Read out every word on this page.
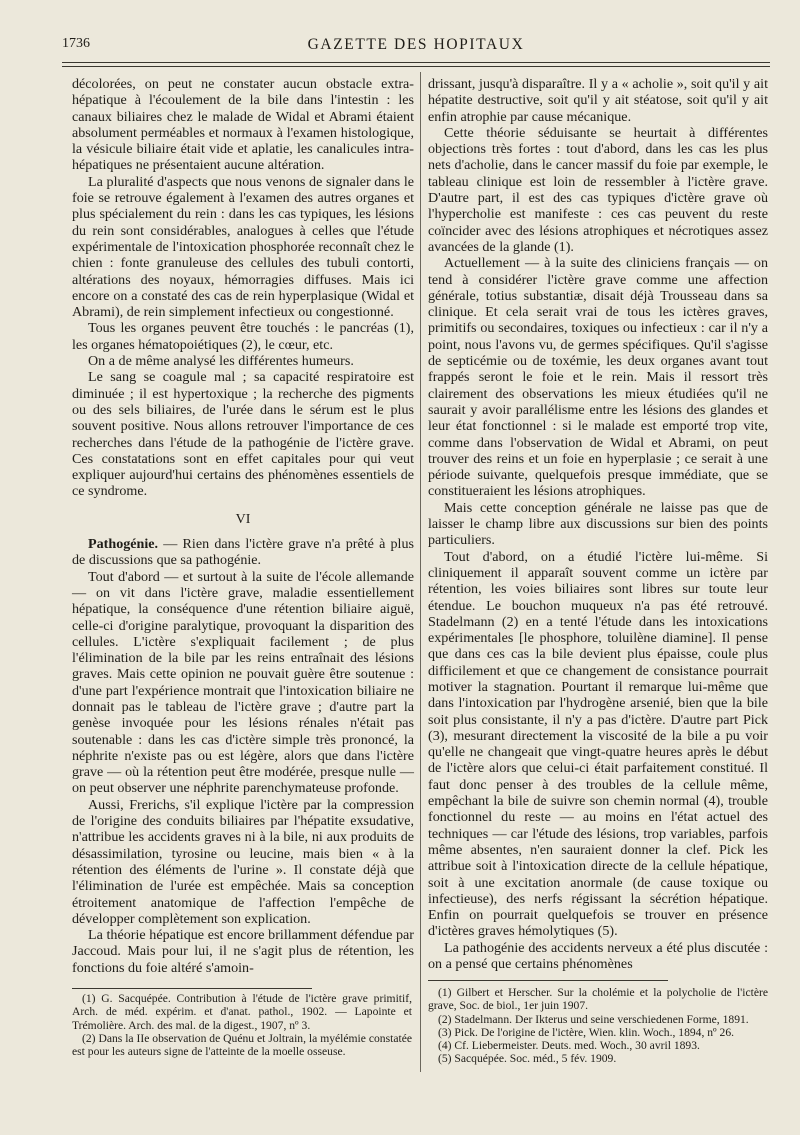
1736	GAZETTE DES HOPITAUX

décolorées, on peut ne constater aucun obstacle extra-hépatique à l'écoulement de la bile dans l'intestin : les canaux biliaires chez le malade de Widal et Abrami étaient absolument perméables et normaux à l'examen histologique, la vésicule biliaire était vide et aplatie, les canalicules intra-hépatiques ne présentaient aucune altération.

La pluralité d'aspects que nous venons de signaler dans le foie se retrouve également à l'examen des autres organes et plus spécialement du rein : dans les cas typiques, les lésions du rein sont considérables, analogues à celles que l'étude expérimentale de l'intoxication phosphorée reconnaît chez le chien : fonte granuleuse des cellules des tubuli contorti, altérations des noyaux, hémorragies diffuses. Mais ici encore on a constaté des cas de rein hyperplasique (Widal et Abrami), de rein simplement infectieux ou congestionné.

Tous les organes peuvent être touchés : le pancréas (1), les organes hématopoiétiques (2), le cœur, etc.

On a de même analysé les différentes humeurs.

Le sang se coagule mal ; sa capacité respiratoire est diminuée ; il est hypertoxique ; la recherche des pigments ou des sels biliaires, de l'urée dans le sérum est le plus souvent positive. Nous allons retrouver l'importance de ces recherches dans l'étude de la pathogénie de l'ictère grave. Ces constatations sont en effet capitales pour qui veut expliquer aujourd'hui certains des phénomènes essentiels de ce syndrome.

VI

Pathogénie. — Rien dans l'ictère grave n'a prêté à plus de discussions que sa pathogénie.

Tout d'abord — et surtout à la suite de l'école allemande — on vit dans l'ictère grave, maladie essentiellement hépatique, la conséquence d'une rétention biliaire aiguë, celle-ci d'origine paralytique, provoquant la disparition des cellules. L'ictère s'expliquait facilement ; de plus l'élimination de la bile par les reins entraînait des lésions graves. Mais cette opinion ne pouvait guère être soutenue : d'une part l'expérience montrait que l'intoxication biliaire ne donnait pas le tableau de l'ictère grave ; d'autre part la genèse invoquée pour les lésions rénales n'était pas soutenable : dans les cas d'ictère simple très prononcé, la néphrite n'existe pas ou est légère, alors que dans l'ictère grave — où la rétention peut être modérée, presque nulle — on peut observer une néphrite parenchymateuse profonde.

Aussi, Frerichs, s'il explique l'ictère par la compression de l'origine des conduits biliaires par l'hépatite exsudative, n'attribue les accidents graves ni à la bile, ni aux produits de désassimilation, tyrosine ou leucine, mais bien « à la rétention des éléments de l'urine ». Il constate déjà que l'élimination de l'urée est empêchée. Mais sa conception étroitement anatomique de l'affection l'empêche de développer complètement son explication.

La théorie hépatique est encore brillamment défendue par Jaccoud. Mais pour lui, il ne s'agit plus de rétention, les fonctions du foie altéré s'amoin-

drissant, jusqu'à disparaître. Il y a « acholie », soit qu'il y ait hépatite destructive, soit qu'il y ait stéatose, soit qu'il y ait enfin atrophie par cause mécanique.

Cette théorie séduisante se heurtait à différentes objections très fortes : tout d'abord, dans les cas les plus nets d'acholie, dans le cancer massif du foie par exemple, le tableau clinique est loin de ressembler à l'ictère grave. D'autre part, il est des cas typiques d'ictère grave où l'hypercholie est manifeste : ces cas peuvent du reste coïncider avec des lésions atrophiques et nécrotiques assez avancées de la glande (1).

Actuellement — à la suite des cliniciens français — on tend à considérer l'ictère grave comme une affection générale, totius substantiæ, disait déjà Trousseau dans sa clinique. Et cela serait vrai de tous les ictères graves, primitifs ou secondaires, toxiques ou infectieux : car il n'y a point, nous l'avons vu, de germes spécifiques. Qu'il s'agisse de septicémie ou de toxémie, les deux organes avant tout frappés seront le foie et le rein. Mais il ressort très clairement des observations les mieux étudiées qu'il ne saurait y avoir parallélisme entre les lésions des glandes et leur état fonctionnel : si le malade est emporté trop vite, comme dans l'observation de Widal et Abrami, on peut trouver des reins et un foie en hyperplasie ; ce serait à une période suivante, quelquefois presque immédiate, que se constitueraient les lésions atrophiques.

Mais cette conception générale ne laisse pas que de laisser le champ libre aux discussions sur bien des points particuliers.

Tout d'abord, on a étudié l'ictère lui-même. Si cliniquement il apparaît souvent comme un ictère par rétention, les voies biliaires sont libres sur toute leur étendue. Le bouchon muqueux n'a pas été retrouvé. Stadelmann (2) en a tenté l'étude dans les intoxications expérimentales [le phosphore, toluilène diamine]. Il pense que dans ces cas la bile devient plus épaisse, coule plus difficilement et que ce changement de consistance pourrait motiver la stagnation. Pourtant il remarque lui-même que dans l'intoxication par l'hydrogène arsenié, bien que la bile soit plus consistante, il n'y a pas d'ictère. D'autre part Pick (3), mesurant directement la viscosité de la bile a pu voir qu'elle ne changeait que vingt-quatre heures après le début de l'ictère alors que celui-ci était parfaitement constitué. Il faut donc penser à des troubles de la cellule même, empêchant la bile de suivre son chemin normal (4), trouble fonctionnel du reste — au moins en l'état actuel des techniques — car l'étude des lésions, trop variables, parfois même absentes, n'en sauraient donner la clef. Pick les attribue soit à l'intoxication directe de la cellule hépatique, soit à une excitation anormale (de cause toxique ou infectieuse), des nerfs régissant la sécrétion hépatique. Enfin on pourrait quelquefois se trouver en présence d'ictères graves hémolytiques (5).

La pathogénie des accidents nerveux a été plus discutée : on a pensé que certains phénomènes

(1) G. Sacquépée. Contribution à l'étude de l'ictère grave primitif, Arch. de méd. expérim. et d'anat. pathol., 1902. — Lapointe et Trémolière. Arch. des mal. de la digest., 1907, nº 3.

(2) Dans la IIe observation de Quénu et Joltrain, la myélémie constatée est pour les auteurs signe de l'atteinte de la moelle osseuse.

(1) Gilbert et Herscher. Sur la cholémie et la polycholie de l'ictère grave, Soc. de biol., 1er juin 1907.

(2) Stadelmann. Der Ikterus und seine verschiedenen Forme, 1891.

(3) Pick. De l'origine de l'ictère, Wien. klin. Woch., 1894, nº 26.

(4) Cf. Liebermeister. Deuts. med. Woch., 30 avril 1893.

(5) Sacquépée. Soc. méd., 5 fév. 1909.
